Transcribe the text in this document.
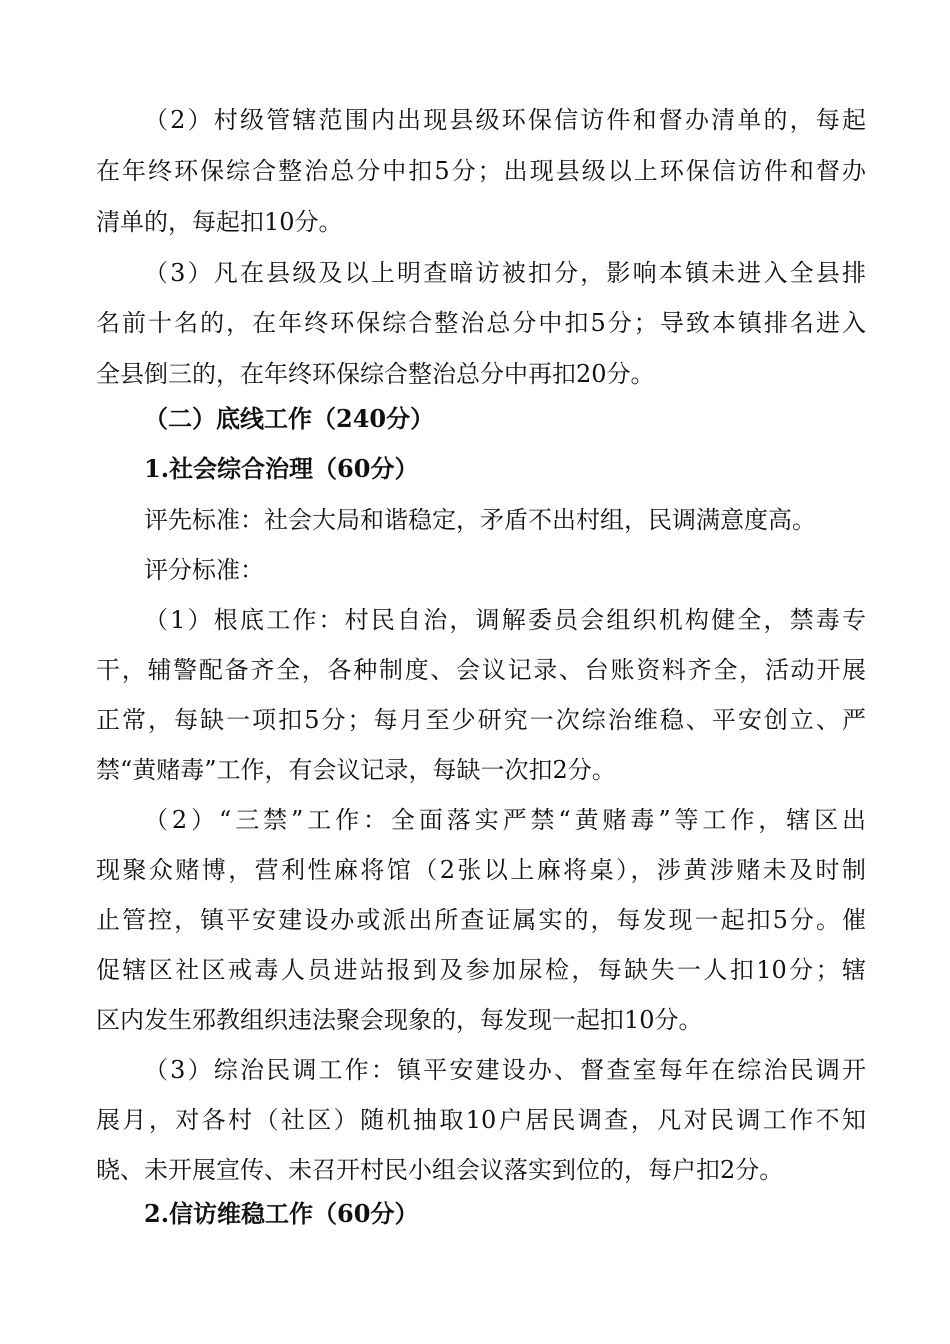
（2）村级管辖范围内出现县级环保信访件和督办清单的，每起
在年终环保综合整治总分中扣5分；出现县级以上环保信访件和督办
清单的，每起扣10分。
（3）凡在县级及以上明查暗访被扣分，影响本镇未进入全县排
名前十名的，在年终环保综合整治总分中扣5分；导致本镇排名进入
全县倒三的，在年终环保综合整治总分中再扣20分。
（二）底线工作（240分）
1.社会综合治理（60分）
评先标准：社会大局和谐稳定，矛盾不出村组，民调满意度高。
评分标准：
（1）根底工作：村民自治，调解委员会组织机构健全，禁毒专
干，辅警配备齐全，各种制度、会议记录、台账资料齐全，活动开展
正常，每缺一项扣5分；每月至少研究一次综治维稳、平安创立、严
禁“黄赌毒”工作，有会议记录，每缺一次扣2分。
（2）“三禁”工作：全面落实严禁“黄赌毒”等工作，辖区出
现聚众赌博，营利性麻将馆（2张以上麻将桌），涉黄涉赌未及时制
止管控，镇平安建设办或派出所查证属实的，每发现一起扣5分。催
促辖区社区戒毒人员进站报到及参加尿检，每缺失一人扣10分；辖
区内发生邪教组织违法聚会现象的，每发现一起扣10分。
（3）综治民调工作：镇平安建设办、督查室每年在综治民调开
展月，对各村（社区）随机抽取10户居民调查，凡对民调工作不知
晓、未开展宣传、未召开村民小组会议落实到位的，每户扣2分。
2.信访维稳工作（60分）
